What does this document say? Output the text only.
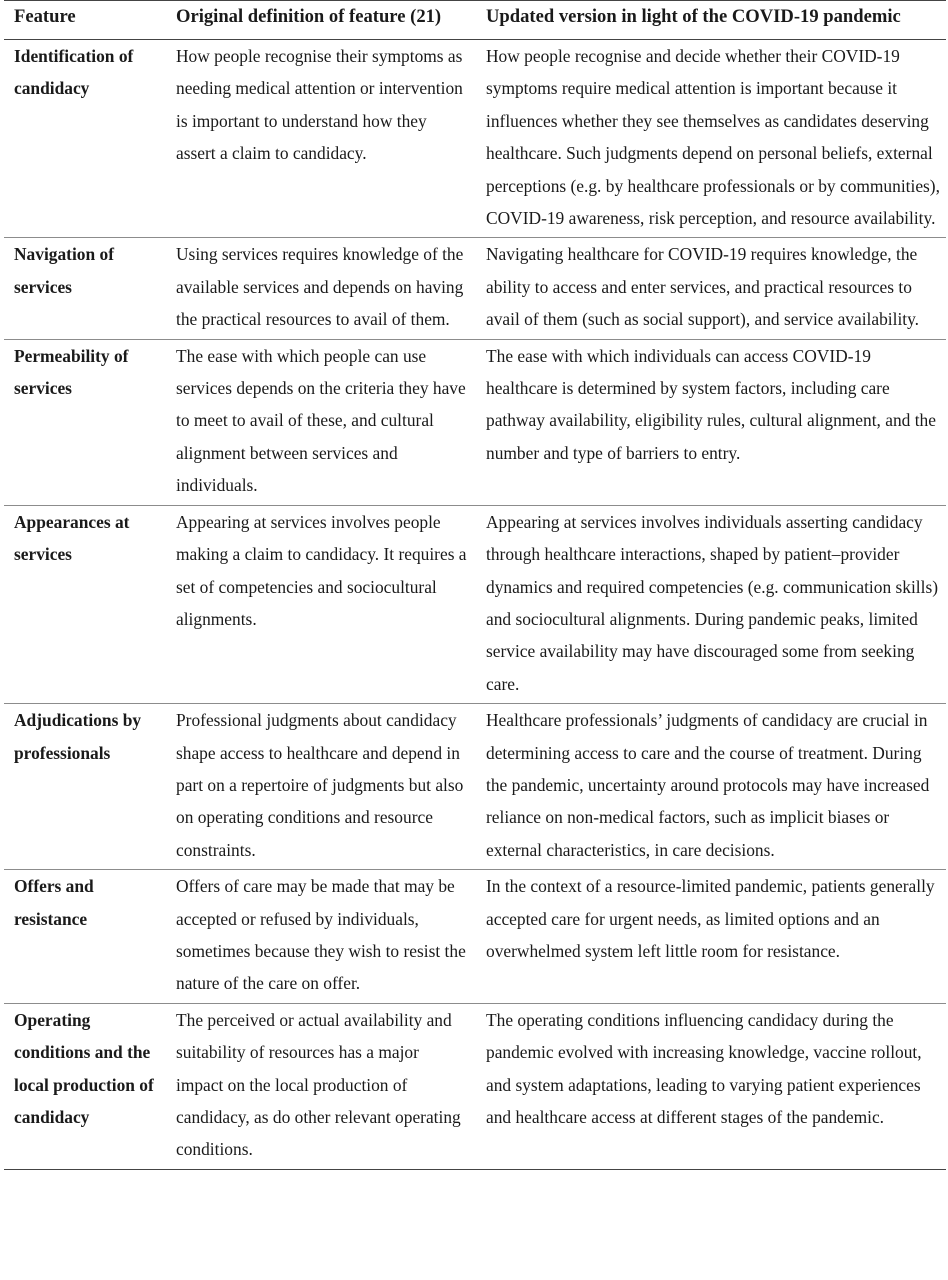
Feature	Original definition of feature (21)	Updated version in light of the COVID-19 pandemic
Identification of candidacy	How people recognise their symptoms as needing medical attention or intervention is important to understand how they assert a claim to candidacy.	How people recognise and decide whether their COVID-19 symptoms require medical attention is important because it influences whether they see themselves as candidates deserving healthcare. Such judgments depend on personal beliefs, external perceptions (e.g. by healthcare professionals or by communities), COVID-19 awareness, risk perception, and resource availability.
Navigation of services	Using services requires knowledge of the available services and depends on having the practical resources to avail of them.	Navigating healthcare for COVID-19 requires knowledge, the ability to access and enter services, and practical resources to avail of them (such as social support), and service availability.
Permeability of services	The ease with which people can use services depends on the criteria they have to meet to avail of these, and cultural alignment between services and individuals.	The ease with which individuals can access COVID-19 healthcare is determined by system factors, including care pathway availability, eligibility rules, cultural alignment, and the number and type of barriers to entry.
Appearances at services	Appearing at services involves people making a claim to candidacy. It requires a set of competencies and sociocultural alignments.	Appearing at services involves individuals asserting candidacy through healthcare interactions, shaped by patient–provider dynamics and required competencies (e.g. communication skills) and sociocultural alignments. During pandemic peaks, limited service availability may have discouraged some from seeking care.
Adjudications by professionals	Professional judgments about candidacy shape access to healthcare and depend in part on a repertoire of judgments but also on operating conditions and resource constraints.	Healthcare professionals’ judgments of candidacy are crucial in determining access to care and the course of treatment. During the pandemic, uncertainty around protocols may have increased reliance on non-medical factors, such as implicit biases or external characteristics, in care decisions.
Offers and resistance	Offers of care may be made that may be accepted or refused by individuals, sometimes because they wish to resist the nature of the care on offer.	In the context of a resource-limited pandemic, patients generally accepted care for urgent needs, as limited options and an overwhelmed system left little room for resistance.
Operating conditions and the local production of candidacy	The perceived or actual availability and suitability of resources has a major impact on the local production of candidacy, as do other relevant operating conditions.	The operating conditions influencing candidacy during the pandemic evolved with increasing knowledge, vaccine rollout, and system adaptations, leading to varying patient experiences and healthcare access at different stages of the pandemic.
